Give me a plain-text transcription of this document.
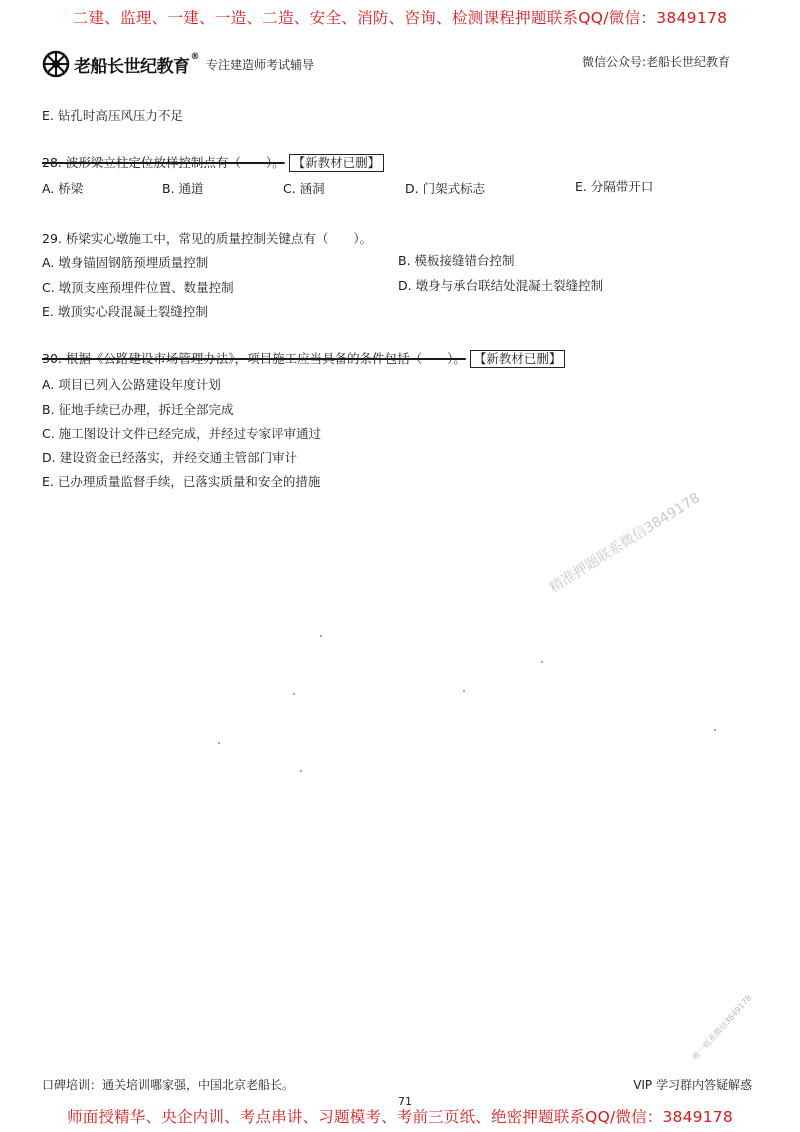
二建、监理、一建、一造、二造、安全、消防、咨询、检测课程押题联系QQ/微信：3849178
老船长世纪教育®
专注建造师考试辅导	微信公众号:老船长世纪教育
E. 钻孔时高压风压力不足
28. 波形梁立柱定位放样控制点有（　　）。 【新教材已删】
A. 桥梁	B. 通道	C. 涵洞	D. 门架式标志	E. 分隔带开口
29. 桥梁实心墩施工中，常见的质量控制关键点有（　　）。
A. 墩身锚固钢筋预埋质量控制	B. 模板接缝错台控制
C. 墩顶支座预埋件位置、数量控制	D. 墩身与承台联结处混凝土裂缝控制
E. 墩顶实心段混凝土裂缝控制
30. 根据《公路建设市场管理办法》，项目施工应当具备的条件包括（　　）。 【新教材已删】
A. 项目已列入公路建设年度计划
B. 征地手续已办理，拆迁全部完成
C. 施工图设计文件已经完成，并经过专家评审通过
D. 建设资金已经落实，并经交通主管部门审计
E. 已办理质量监督手续，已落实质量和安全的措施
精准押题联系微信3849178
唯一联系微信3849178
口碑培训：通关培训哪家强，中国北京老船长。	VIP 学习群内答疑解惑
71
师面授精华、央企内训、考点串讲、习题模考、考前三页纸、绝密押题联系QQ/微信：3849178
